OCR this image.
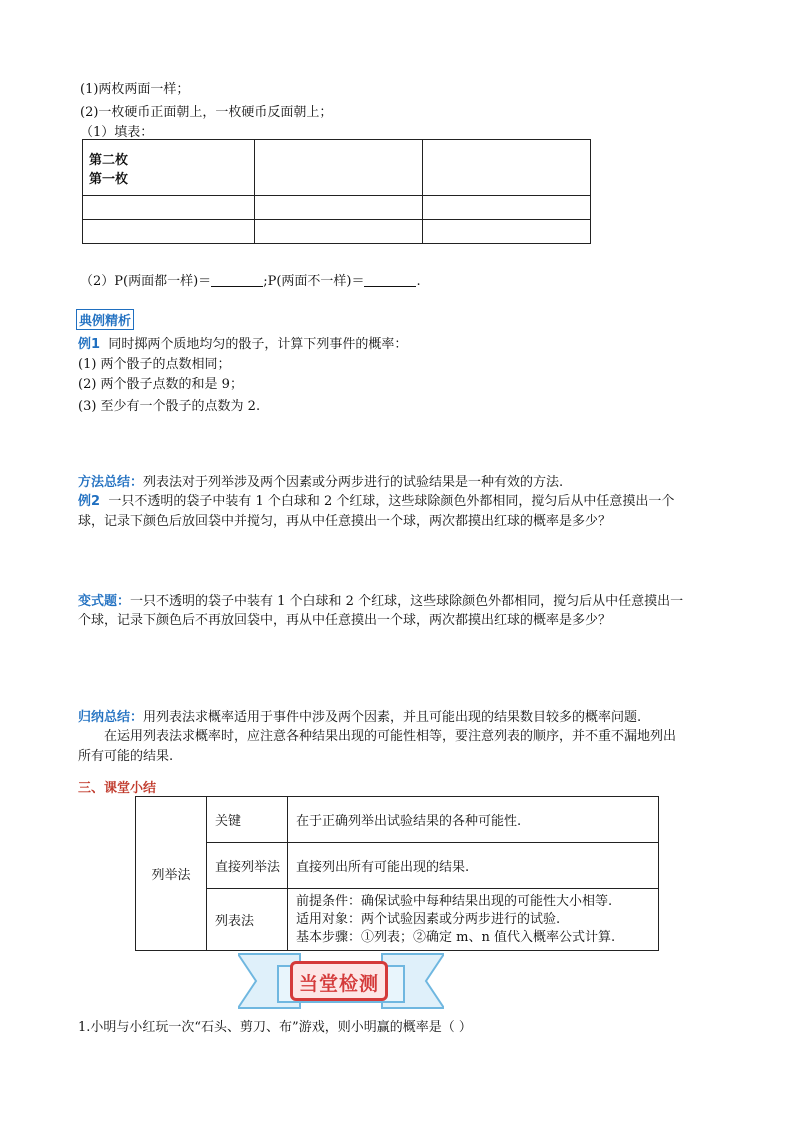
(1)两枚两面一样；
(2)一枚硬币正面朝上，一枚硬币反面朝上；
（1）填表：
第二枚
第一枚		

（2）P(两面都一样)＝	;P(两面不一样)＝	.
典例精析
例1 同时掷两个质地均匀的骰子，计算下列事件的概率：
(1) 两个骰子的点数相同；
(2) 两个骰子点数的和是 9；
(3) 至少有一个骰子的点数为 2.
方法总结：列表法对于列举涉及两个因素或分两步进行的试验结果是一种有效的方法.
例2 一只不透明的袋子中装有 1 个白球和 2 个红球，这些球除颜色外都相同，搅匀后从中任意摸出一个
球，记录下颜色后放回袋中并搅匀，再从中任意摸出一个球，两次都摸出红球的概率是多少？
变式题：一只不透明的袋子中装有 1 个白球和 2 个红球，这些球除颜色外都相同，搅匀后从中任意摸出一
个球，记录下颜色后不再放回袋中，再从中任意摸出一个球，两次都摸出红球的概率是多少？
归纳总结：用列表法求概率适用于事件中涉及两个因素，并且可能出现的结果数目较多的概率问题.
在运用列表法求概率时，应注意各种结果出现的可能性相等，要注意列表的顺序，并不重不漏地列出
所有可能的结果.
三、课堂小结
列举法	关键	在于正确列举出试验结果的各种可能性.
	直接列举法	直接列出所有可能出现的结果.
	列表法	前提条件：确保试验中每种结果出现的可能性大小相等.
适用对象：两个试验因素或分两步进行的试验.
基本步骤：①列表；②确定 m、n 值代入概率公式计算.
当堂检测
1.小明与小红玩一次“石头、剪刀、布”游戏，则小明赢的概率是（ ）
